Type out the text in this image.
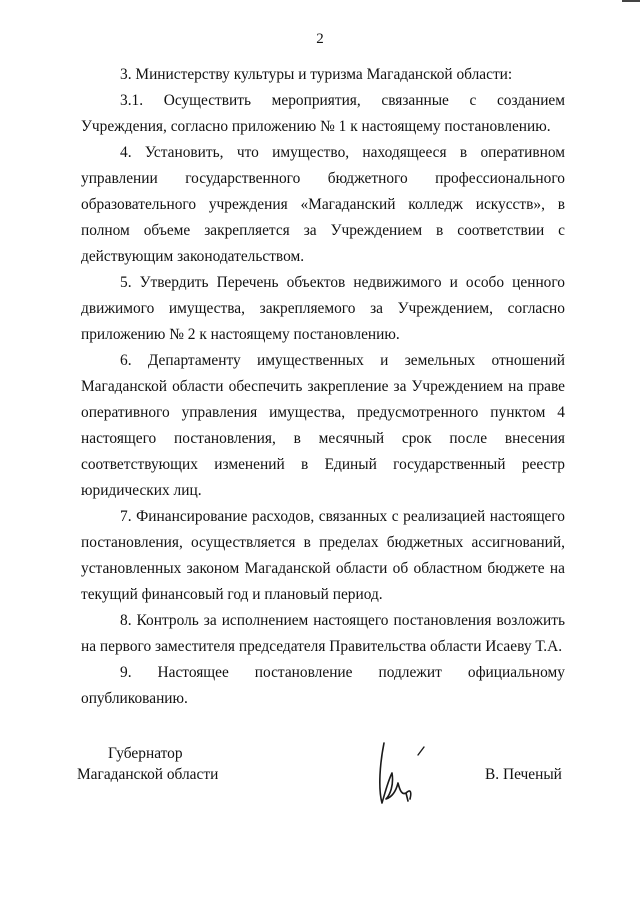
2

3. Министерству культуры и туризма Магаданской области:

3.1. Осуществить мероприятия, связанные с созданием Учреждения, согласно приложению № 1 к настоящему постановлению.

4. Установить, что имущество, находящееся в оперативном управлении государственного бюджетного профессионального образовательного учреждения «Магаданский колледж искусств», в полном объеме закрепляется за Учреждением в соответствии с действующим законодательством.

5. Утвердить Перечень объектов недвижимого и особо ценного движимого имущества, закрепляемого за Учреждением, согласно приложению № 2 к настоящему постановлению.

6. Департаменту имущественных и земельных отношений Магаданской области обеспечить закрепление за Учреждением на праве оперативного управления имущества, предусмотренного пунктом 4 настоящего постановления, в месячный срок после внесения соответствующих изменений в Единый государственный реестр юридических лиц.

7. Финансирование расходов, связанных с реализацией настоящего постановления, осуществляется в пределах бюджетных ассигнований, установленных законом Магаданской области об областном бюджете на текущий финансовый год и плановый период.

8. Контроль за исполнением настоящего постановления возложить на первого заместителя председателя Правительства области Исаеву Т.А.

9. Настоящее постановление подлежит официальному опубликованию.

Губернатор
Магаданской области	В. Печеный
